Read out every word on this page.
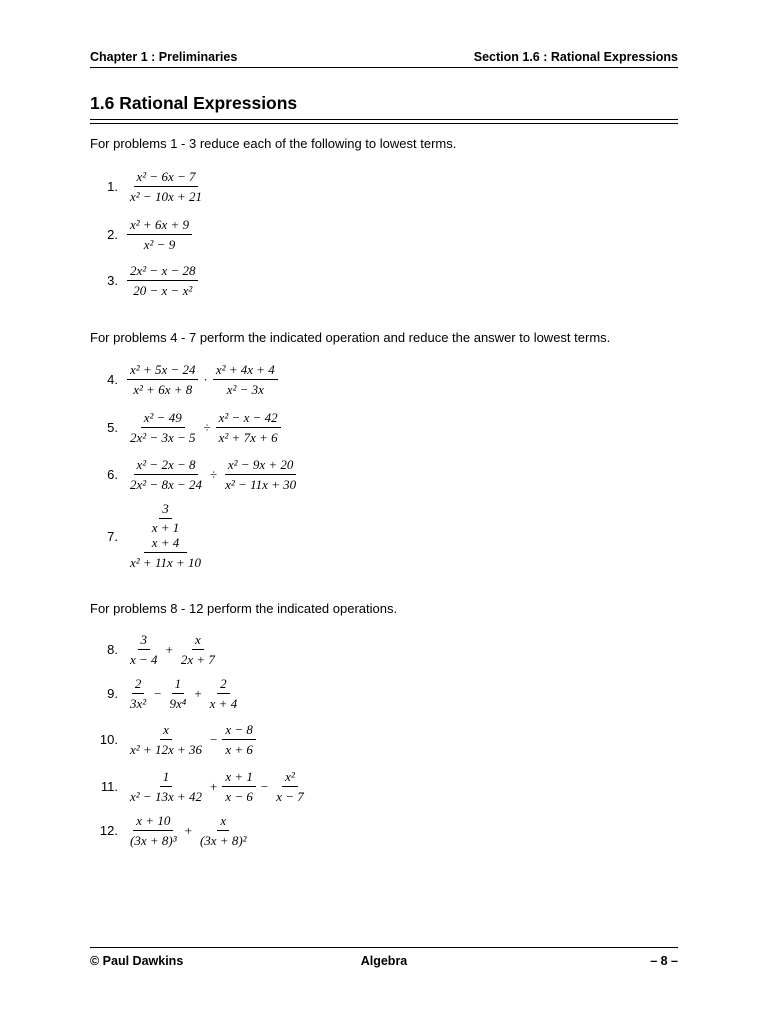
Chapter 1 : Preliminaries	Section 1.6 : Rational Expressions
1.6 Rational Expressions
For problems 1 - 3 reduce each of the following to lowest terms.
For problems 4 - 7 perform the indicated operation and reduce the answer to lowest terms.
For problems 8 - 12 perform the indicated operations.
1. $\frac{\text{x² − 6x − 7}}{\text{x² − 10x + 21}}$
2. $\frac{\text{x² + 6x + 9}}{\text{x² − 9}}$
3. $\frac{\text{2x² − x − 28}}{\text{20 − x − x²}}$
4. $\frac{\text{x² + 5x − 24}}{\text{x² + 6x + 8}} \cdot \frac{\text{x² + 4x + 4}}{\text{x² − 3x}}$
5. $\frac{\text{x² − 49}}{\text{2x² − 3x − 5}} \div \frac{\text{x² − x − 42}}{\text{x² + 7x + 6}}$
6. $\frac{\text{x² − 2x − 8}}{\text{2x² − 8x − 24}} \div \frac{\text{x² − 9x + 20}}{\text{x² − 11x + 30}}$
7. $\frac{3}{x + 1}$
x + 4
x² + 11x + 10
8. $\frac{3}{x - 4} + \frac{x}{2x + 7}$
9. $\frac{2}{\text{3x²}} - \frac{1}{\text{9x⁴}} + \frac{2}{x + 4}$
10. $\frac{x}{\text{x² + 12x + 36}} - \frac{x - 8}{x + 6}$
11. $\frac{1}{\text{x² − 13x + 42}} + \frac{x + 1}{x - 6} - \frac{\text{x²}}{x - 7}$
12. $\frac{x + 10}{\text{(3x + 8)³}} + \frac{x}{\text{(3x + 8)²}}$
© Paul Dawkins	Algebra	– 8 –
